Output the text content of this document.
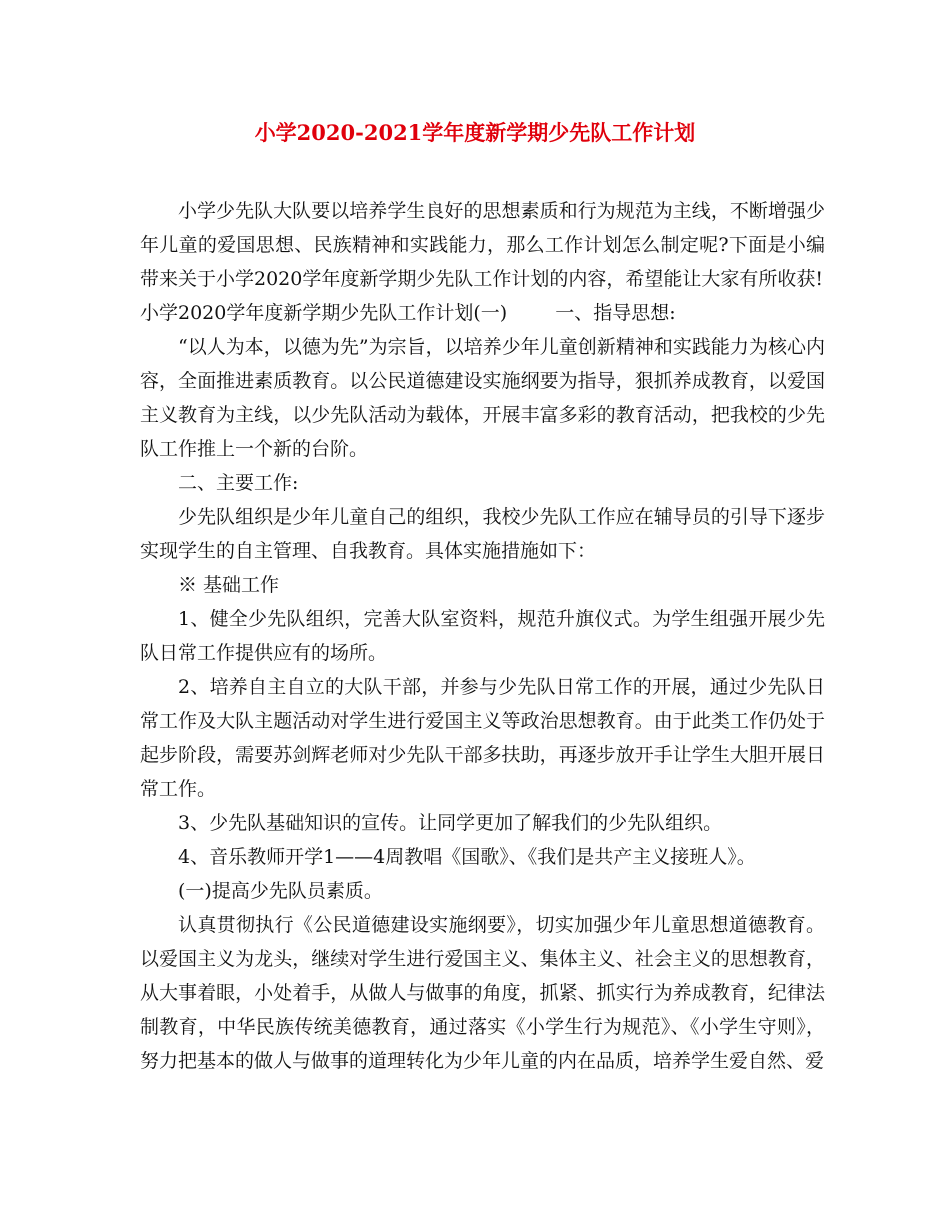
小学2020-2021学年度新学期少先队工作计划

小学少先队大队要以培养学生良好的思想素质和行为规范为主线，不断增强少年儿童的爱国思想、民族精神和实践能力，那么工作计划怎么制定呢?下面是小编带来关于小学2020学年度新学期少先队工作计划的内容，希望能让大家有所收获!

小学2020学年度新学期少先队工作计划(一)	一、指导思想:

“以人为本，以德为先”为宗旨，以培养少年儿童创新精神和实践能力为核心内容，全面推进素质教育。以公民道德建设实施纲要为指导，狠抓养成教育，以爱国主义教育为主线，以少先队活动为载体，开展丰富多彩的教育活动，把我校的少先队工作推上一个新的台阶。

二、主要工作:

少先队组织是少年儿童自己的组织，我校少先队工作应在辅导员的引导下逐步实现学生的自主管理、自我教育。具体实施措施如下：

※ 基础工作

1、健全少先队组织，完善大队室资料，规范升旗仪式。为学生组强开展少先队日常工作提供应有的场所。

2、培养自主自立的大队干部，并参与少先队日常工作的开展，通过少先队日常工作及大队主题活动对学生进行爱国主义等政治思想教育。由于此类工作仍处于起步阶段，需要苏剑辉老师对少先队干部多扶助，再逐步放开手让学生大胆开展日常工作。

3、少先队基础知识的宣传。让同学更加了解我们的少先队组织。

4、音乐教师开学1——4周教唱《国歌》、《我们是共产主义接班人》。

(一)提高少先队员素质。

认真贯彻执行《公民道德建设实施纲要》，切实加强少年儿童思想道德教育。以爱国主义为龙头，继续对学生进行爱国主义、集体主义、社会主义的思想教育，从大事着眼，小处着手，从做人与做事的角度，抓紧、抓实行为养成教育，纪律法制教育，中华民族传统美德教育，通过落实《小学生行为规范》、《小学生守则》，努力把基本的做人与做事的道理转化为少年儿童的内在品质，培养学生爱自然、爱
